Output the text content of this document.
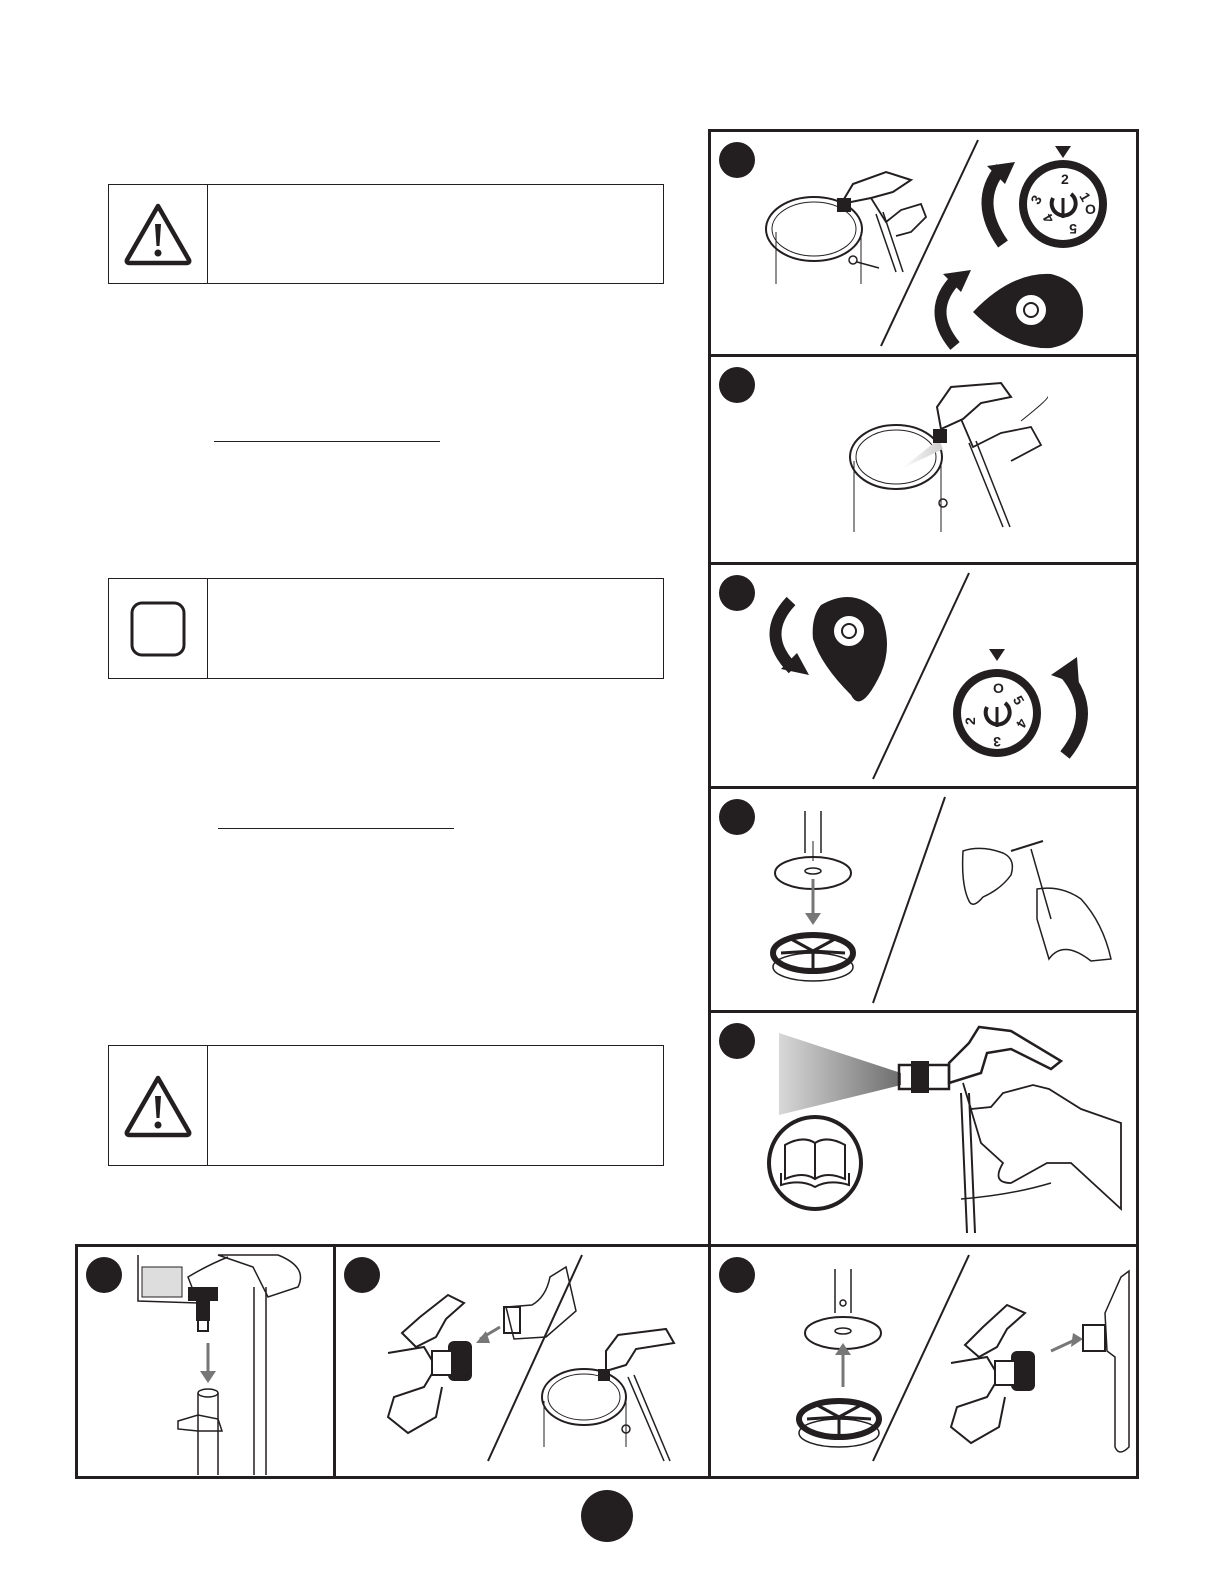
2
1
O
5
4
3
O
5
4
3
2
